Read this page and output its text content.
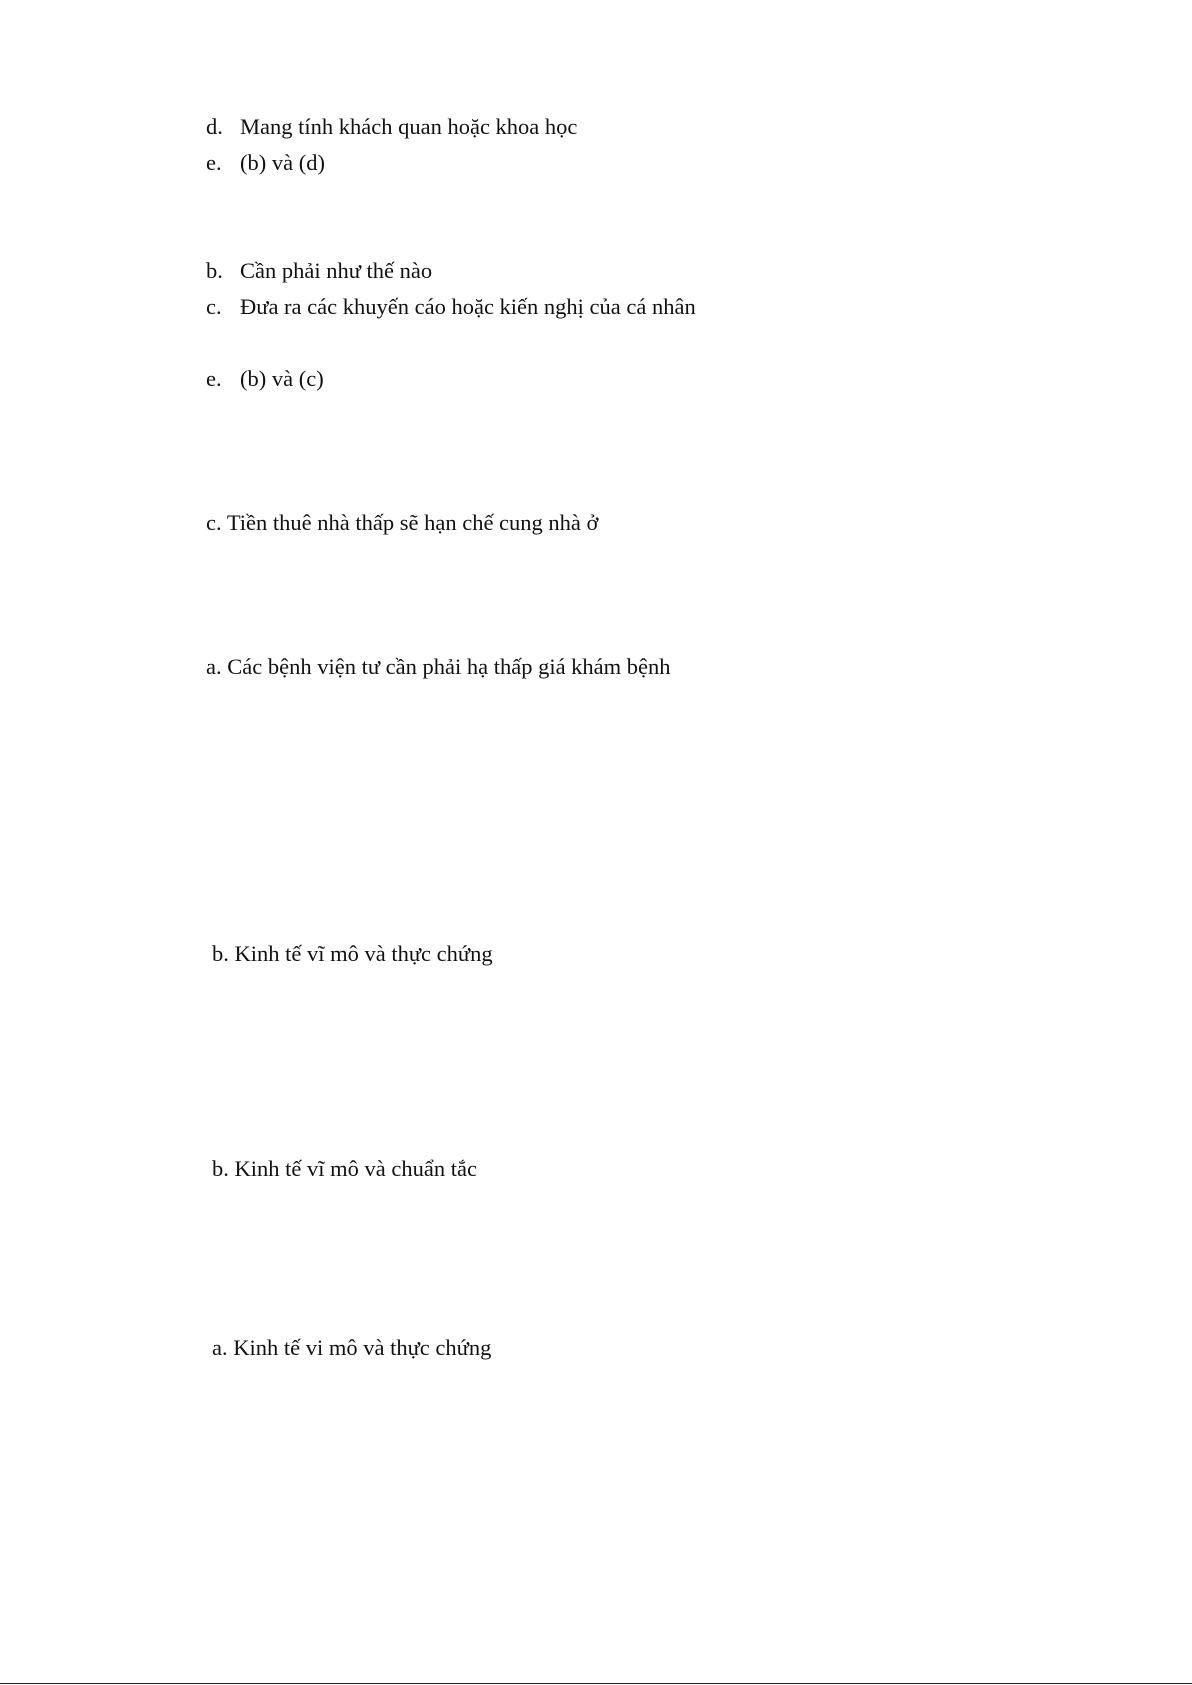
d. Mang tính khách quan hoặc khoa học
e. (b) và (d)
b. Cần phải như thế nào
c. Đưa ra các khuyến cáo hoặc kiến nghị của cá nhân
e. (b) và (c)
c. Tiền thuê nhà thấp sẽ hạn chế cung nhà ở
a. Các bệnh viện tư cần phải hạ thấp giá khám bệnh
b. Kinh tế vĩ mô và thực chứng
b. Kinh tế vĩ mô và chuẩn tắc
a. Kinh tế vi mô và thực chứng
